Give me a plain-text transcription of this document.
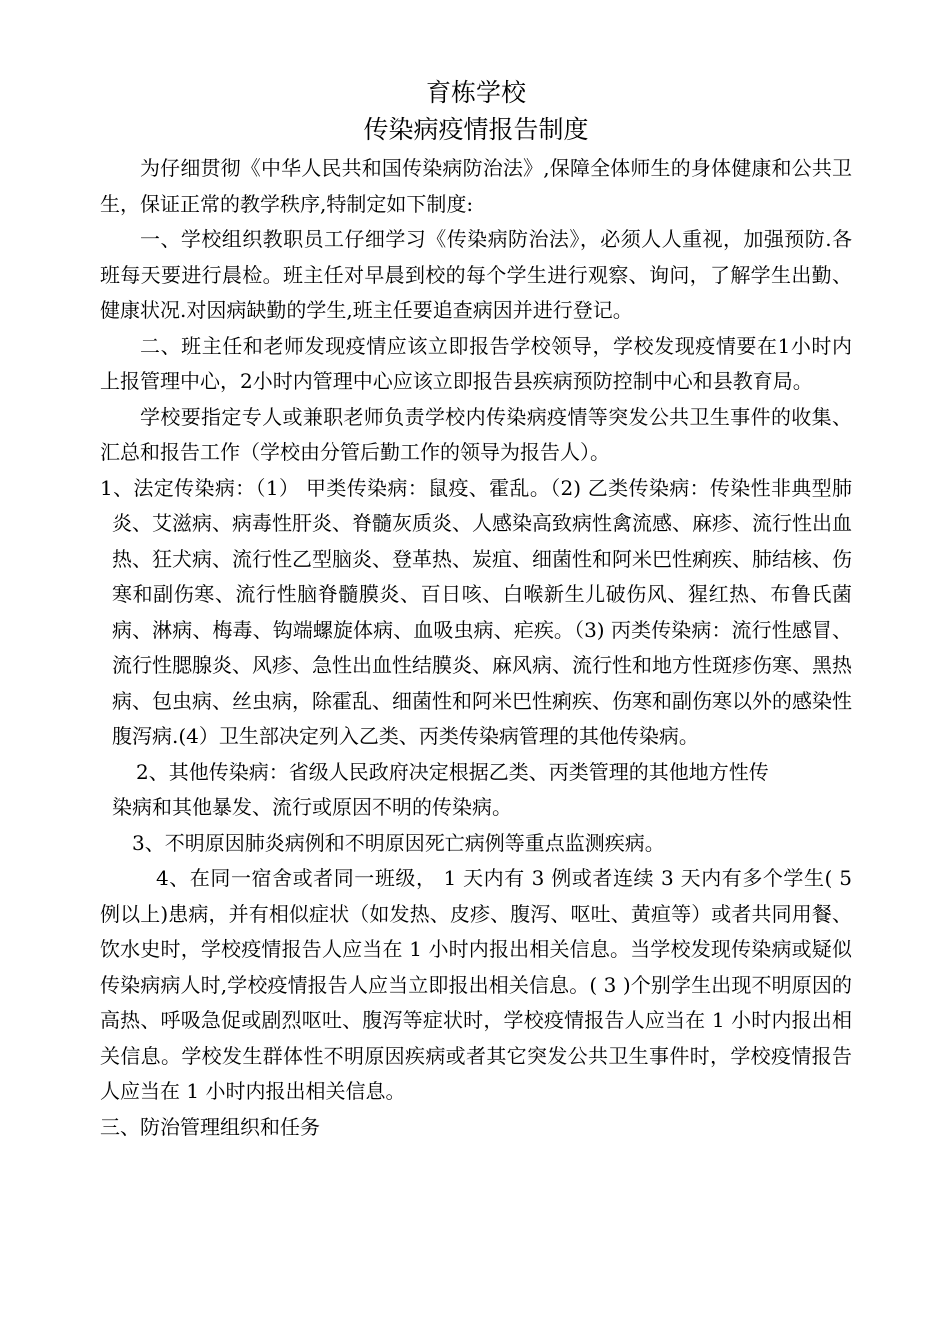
育栋学校
传染病疫情报告制度

为仔细贯彻《中华人民共和国传染病防治法》,保障全体师生的身体健康和公共卫生，保证正常的教学秩序,特制定如下制度:

一、学校组织教职员工仔细学习《传染病防治法》，必须人人重视，加强预防.各班每天要进行晨检。班主任对早晨到校的每个学生进行观察、询问，了解学生出勤、健康状况.对因病缺勤的学生,班主任要追查病因并进行登记。

二、班主任和老师发现疫情应该立即报告学校领导，学校发现疫情要在1小时内上报管理中心，2小时内管理中心应该立即报告县疾病预防控制中心和县教育局。

学校要指定专人或兼职老师负责学校内传染病疫情等突发公共卫生事件的收集、汇总和报告工作（学校由分管后勤工作的领导为报告人）。

1、法定传染病：（1） 甲类传染病：鼠疫、霍乱。（2) 乙类传染病：传染性非典型肺炎、艾滋病、病毒性肝炎、脊髓灰质炎、人感染高致病性禽流感、麻疹、流行性出血热、狂犬病、流行性乙型脑炎、登革热、炭疽、细菌性和阿米巴性痢疾、肺结核、伤寒和副伤寒、流行性脑脊髓膜炎、百日咳、白喉新生儿破伤风、猩红热、布鲁氏菌病、淋病、梅毒、钩端螺旋体病、血吸虫病、疟疾。（3) 丙类传染病：流行性感冒、流行性腮腺炎、风疹、急性出血性结膜炎、麻风病、流行性和地方性斑疹伤寒、黑热病、包虫病、丝虫病，除霍乱、细菌性和阿米巴性痢疾、伤寒和副伤寒以外的感染性腹泻病.(4）卫生部决定列入乙类、丙类传染病管理的其他传染病。

2、其他传染病：省级人民政府决定根据乙类、丙类管理的其他地方性传
染病和其他暴发、流行或原因不明的传染病。

3、不明原因肺炎病例和不明原因死亡病例等重点监测疾病。

4、在同一宿舍或者同一班级， 1 天内有 3 例或者连续 3 天内有多个学生( 5 例以上)患病，并有相似症状（如发热、皮疹、腹泻、呕吐、黄疸等）或者共同用餐、饮水史时，学校疫情报告人应当在 1 小时内报出相关信息。当学校发现传染病或疑似传染病病人时,学校疫情报告人应当立即报出相关信息。( 3 )个别学生出现不明原因的高热、呼吸急促或剧烈呕吐、腹泻等症状时，学校疫情报告人应当在 1 小时内报出相关信息。学校发生群体性不明原因疾病或者其它突发公共卫生事件时，学校疫情报告人应当在 1 小时内报出相关信息。

三、防治管理组织和任务
